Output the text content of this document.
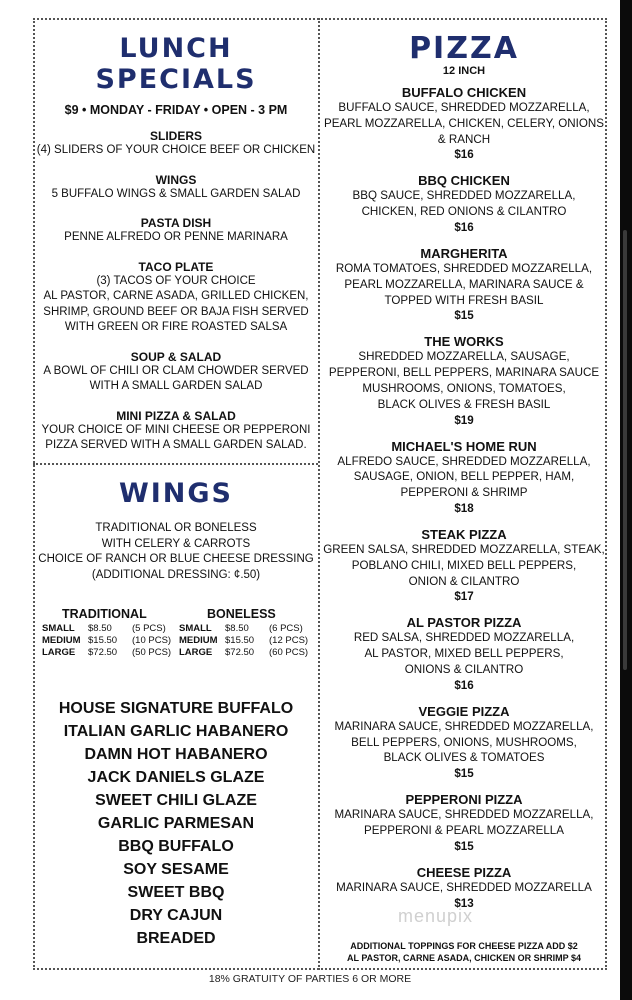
LUNCH SPECIALS
$9 • MONDAY - FRIDAY • OPEN - 3 PM
SLIDERS
(4) SLIDERS OF YOUR CHOICE BEEF OR CHICKEN
WINGS
5 BUFFALO WINGS & SMALL GARDEN SALAD
PASTA DISH
PENNE ALFREDO OR PENNE MARINARA
TACO PLATE
(3) TACOS OF YOUR CHOICE
AL PASTOR, CARNE ASADA, GRILLED CHICKEN,
SHRIMP, GROUND BEEF OR BAJA FISH SERVED
WITH GREEN OR FIRE ROASTED SALSA
SOUP & SALAD
A BOWL OF CHILI OR CLAM CHOWDER SERVED
WITH A SMALL GARDEN SALAD
MINI PIZZA & SALAD
YOUR CHOICE OF MINI CHEESE OR PEPPERONI
PIZZA SERVED WITH A SMALL GARDEN SALAD.
WINGS
TRADITIONAL OR BONELESS
WITH CELERY & CARROTS
CHOICE OF RANCH OR BLUE CHEESE DRESSING
(ADDITIONAL DRESSING: ¢.50)
TRADITIONAL	BONELESS
SMALL $8.50 (5 PCS)
MEDIUM $15.50 (10 PCS)
LARGE $72.50 (50 PCS)
SMALL $8.50 (6 PCS)
MEDIUM $15.50 (12 PCS)
LARGE $72.50 (60 PCS)
HOUSE SIGNATURE BUFFALO
ITALIAN GARLIC HABANERO
DAMN HOT HABANERO
JACK DANIELS GLAZE
SWEET CHILI GLAZE
GARLIC PARMESAN
BBQ BUFFALO
SOY SESAME
SWEET BBQ
DRY CAJUN
BREADED
PIZZA
12 INCH
BUFFALO CHICKEN
BUFFALO SAUCE, SHREDDED MOZZARELLA,
PEARL MOZZARELLA, CHICKEN, CELERY, ONIONS
& RANCH
$16
BBQ CHICKEN
BBQ SAUCE, SHREDDED MOZZARELLA,
CHICKEN, RED ONIONS & CILANTRO
$16
MARGHERITA
ROMA TOMATOES, SHREDDED MOZZARELLA,
PEARL MOZZARELLA, MARINARA SAUCE &
TOPPED WITH FRESH BASIL
$15
THE WORKS
SHREDDED MOZZARELLA, SAUSAGE,
PEPPERONI, BELL PEPPERS, MARINARA SAUCE
MUSHROOMS, ONIONS, TOMATOES,
BLACK OLIVES & FRESH BASIL
$19
MICHAEL'S HOME RUN
ALFREDO SAUCE, SHREDDED MOZZARELLA,
SAUSAGE, ONION, BELL PEPPER, HAM,
PEPPERONI & SHRIMP
$18
STEAK PIZZA
GREEN SALSA, SHREDDED MOZZARELLA, STEAK,
POBLANO CHILI, MIXED BELL PEPPERS,
ONION & CILANTRO
$17
AL PASTOR PIZZA
RED SALSA, SHREDDED MOZZARELLA,
AL PASTOR, MIXED BELL PEPPERS,
ONIONS & CILANTRO
$16
VEGGIE PIZZA
MARINARA SAUCE, SHREDDED MOZZARELLA,
BELL PEPPERS, ONIONS, MUSHROOMS,
BLACK OLIVES & TOMATOES
$15
PEPPERONI PIZZA
MARINARA SAUCE, SHREDDED MOZZARELLA,
PEPPERONI & PEARL MOZZARELLA
$15
CHEESE PIZZA
MARINARA SAUCE, SHREDDED MOZZARELLA
$13
ADDITIONAL TOPPINGS FOR CHEESE PIZZA ADD $2
AL PASTOR, CARNE ASADA, CHICKEN OR SHRIMP $4
menupix
18% GRATUITY OF PARTIES 6 OR MORE
